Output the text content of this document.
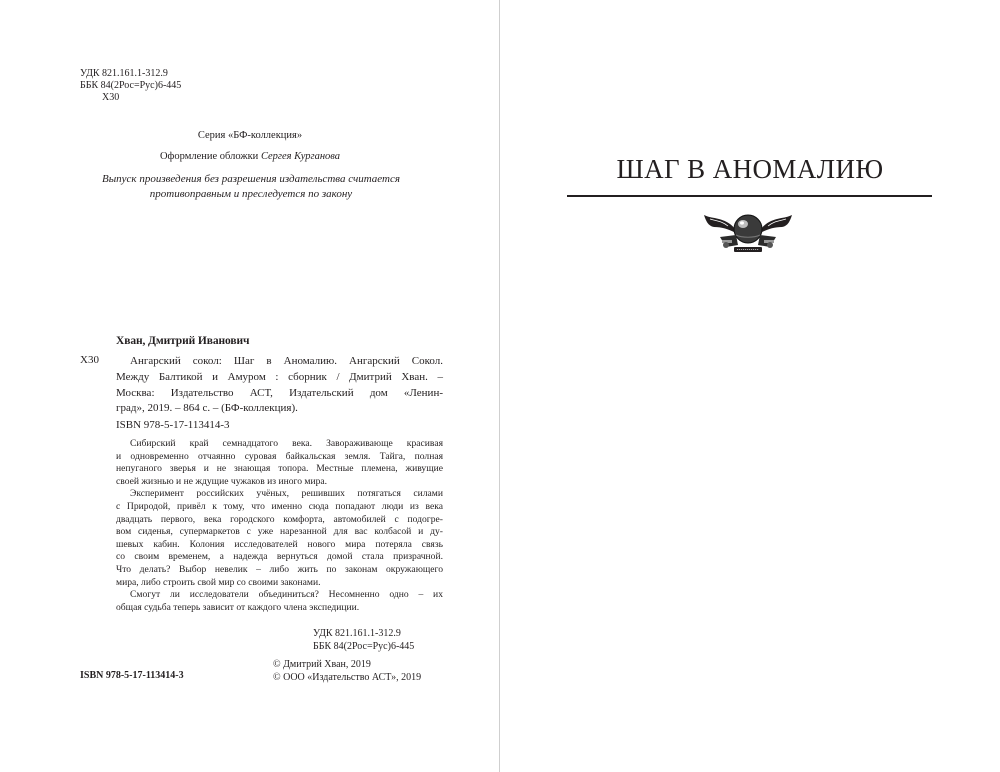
УДК 821.161.1-312.9
ББК 84(2Рос=Рус)6-445
Х30
Серия «БФ-коллекция»
Оформление обложки Сергея Курганова
Выпуск произведения без разрешения издательства считается
противоправным и преследуется по закону
Хван, Дмитрий Иванович
Х30	Ангарский сокол: Шаг в Аномалию. Ангарский Сокол.
Между Балтикой и Амуром : сборник / Дмитрий Хван. –
Москва: Издательство АСТ, Издательский дом «Ленин-
град», 2019. – 864 с. – (БФ-коллекция).
ISBN 978-5-17-113414-3
Сибирский край семнадцатого века. Завораживающе красивая
и одновременно отчаянно суровая байкальская земля. Тайга, полная
непуганого зверья и не знающая топора. Местные племена, живущие
своей жизнью и не ждущие чужаков из иного мира.
Эксперимент российских учёных, решивших потягаться силами
с Природой, привёл к тому, что именно сюда попадают люди из века
двадцать первого, века городского комфорта, автомобилей с подогре-
вом сиденья, супермаркетов с уже нарезанной для вас колбасой и ду-
шевых кабин. Колония исследователей нового мира потеряла связь
со своим временем, а надежда вернуться домой стала призрачной.
Что делать? Выбор невелик – либо жить по законам окружающего
мира, либо строить свой мир со своими законами.
Смогут ли исследователи объединиться? Несомненно одно – их
общая судьба теперь зависит от каждого члена экспедиции.
УДК 821.161.1-312.9
ББК 84(2Рос=Рус)6-445
ISBN 978-5-17-113414-3
© Дмитрий Хван, 2019
© ООО «Издательство АСТ», 2019
ШАГ В АНОМАЛИЮ
